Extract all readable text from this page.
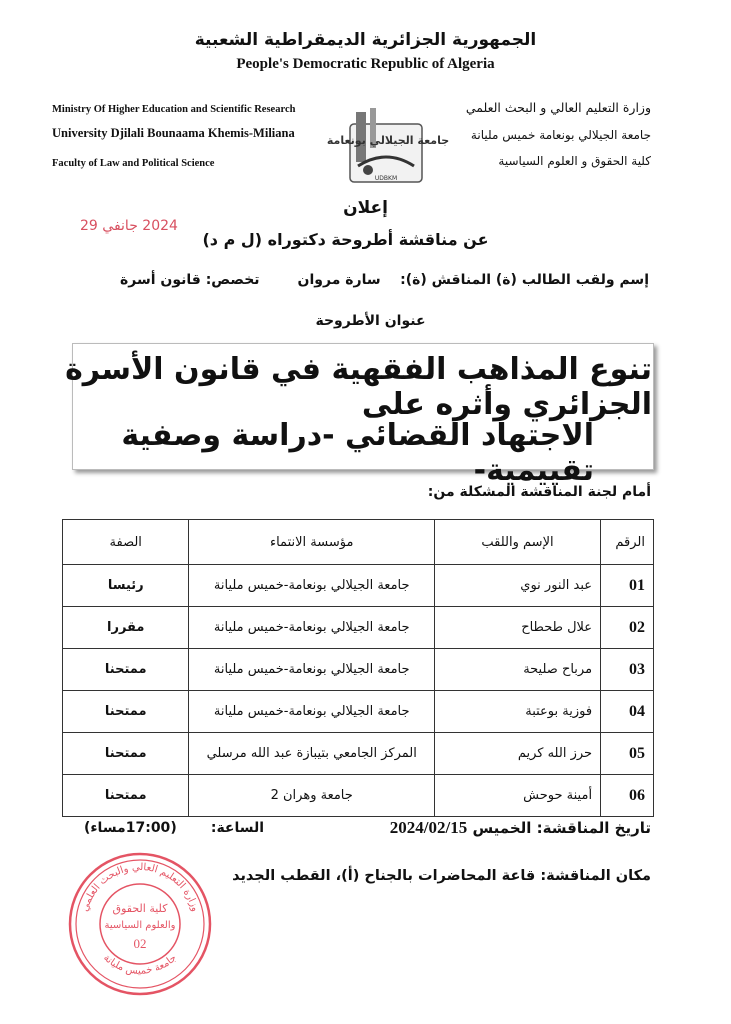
الجمهورية الجزائرية الديمقراطية الشعبية
People's Democratic Republic of Algeria
Ministry Of Higher Education and Scientific Research
University Djilali Bounaama Khemis-Miliana
Faculty of Law and Political Science
وزارة التعليم العالي و البحث العلمي
جامعة الجيلالي بونعامة خميس مليانة
كلية الحقوق و العلوم السياسية
جامعة الجيلالي بونعامة
UDBKM
إعلان
2024 جانفي 29
عن مناقشة أطروحة دكتوراه (ل م د)
إسم ولقب الطالب (ة) المناقش (ة):    سارة مروان
تخصص: قانون أسرة
عنوان الأطروحة
تنوع المذاهب الفقهية في قانون الأسرة الجزائري وأثره على
الاجتهاد القضائي -دراسة وصفية تقييمية-
أمام لجنة المناقشة المشكلة من:
الرقم	الإسم واللقب	مؤسسة الانتماء	الصفة
01	عبد النور نوي	جامعة الجيلالي بونعامة-خميس مليانة	رئيسا
02	علال طحطاح	جامعة الجيلالي بونعامة-خميس مليانة	مقررا
03	مرباح صليحة	جامعة الجيلالي بونعامة-خميس مليانة	ممتحنا
04	فوزية بوعتبة	جامعة الجيلالي بونعامة-خميس مليانة	ممتحنا
05	حرز الله كريم	المركز الجامعي بتيبازة عبد الله مرسلي	ممتحنا
06	أمينة حوحش	جامعة وهران 2	ممتحنا
تاريخ المناقشة: الخميس 2024/02/15
الساعة:       (17:00مساء)
مكان المناقشة: قاعة المحاضرات بالجناح (أ)، القطب الجديد
وزارة التعليم العالي والبحث العلمي
جامعة خميس مليانة
كلية الحقوق
والعلوم السياسية
02
